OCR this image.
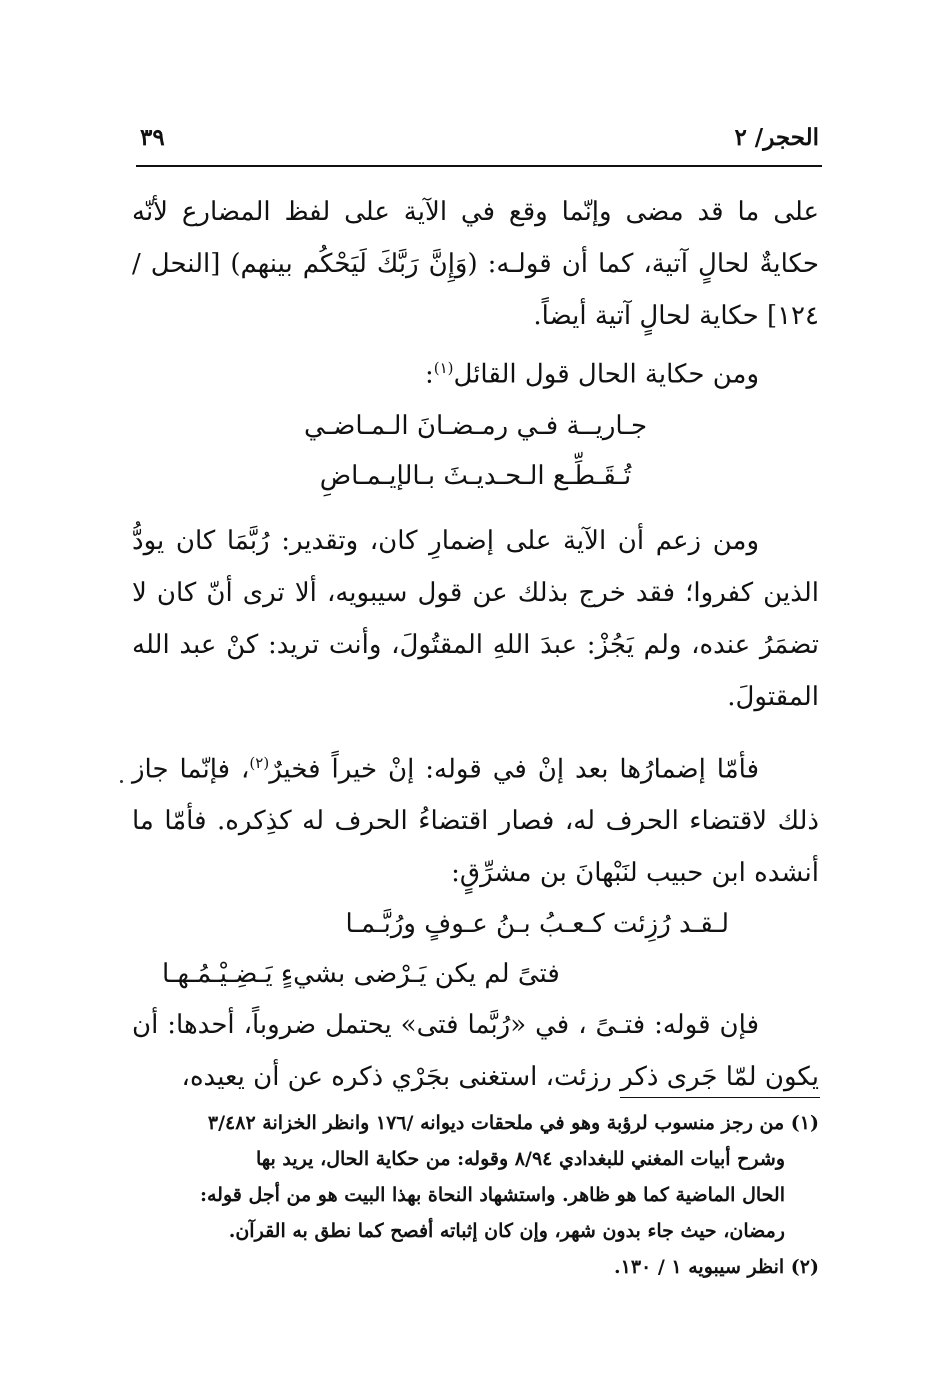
الحجر/ ٢
٣٩

على ما قد مضى وإنّما وقع في الآية على لفظ المضارع لأنّه حكايةٌ لحالٍ آتية، كما أن قولـه: (وَإِنَّ رَبَّكَ لَيَحْكُم بينهم) [النحل / ١٢٤] حكاية لحالٍ آتية أيضاً.

ومن حكاية الحال قول القائل$^{(١)}$:

جـاريــة فـي رمـضـانَ الـمـاضـي

تُـقَـطِّـع الـحـديـثَ بـالإيـمـاضِ

ومن زعم أن الآية على إضمارِ كان، وتقدير: رُبَّمَا كان يودُّ الذين كفروا؛ فقد خرج بذلك عن قول سيبويه، ألا ترى أنّ كان لا تضمَرُ عنده، ولم يَجُزْ: عبدَ اللهِ المقتُولَ، وأنت تريد: كنْ عبد الله المقتولَ.

فأمّا إضمارُها بعد إنْ في قوله: إنْ خيراً فخيرٌ$^{(٢)}$، فإنّما جاز ذلك لاقتضاء الحرف له، فصار اقتضاءُ الحرف له كذِكره. فأمّا ما أنشده ابن حبيب لنَبْهانَ بن مشرِّقٍ:

لـقـد رُزِئت كـعـبُ بـنُ عـوفٍ ورُبَّـمـا

فتىً لم يكن يَـرْضى بشيءٍ يَـضِـيْـمُـهـا

فإن قوله: فتـىً ، في «رُبَّما فتى» يحتمل ضروباً، أحدها: أن يكون لمّا جَرى ذكر رزئت، استغنى بجَرْي ذكره عن أن يعيده،

(١) من رجز منسوب لرؤبة وهو في ملحقات ديوانه /١٧٦ وانظر الخزانة ٣/٤٨٢

وشرح أبيات المغني للبغدادي ٨/٩٤ وقوله: من حكاية الحال، يريد بها

الحال الماضية كما هو ظاهر. واستشهاد النحاة بهذا البيت هو من أجل قوله:

رمضان، حيث جاء بدون شهر، وإن كان إثباته أفصح كما نطق به القرآن.

(٢) انظر سيبويه ١ / ١٣٠.
